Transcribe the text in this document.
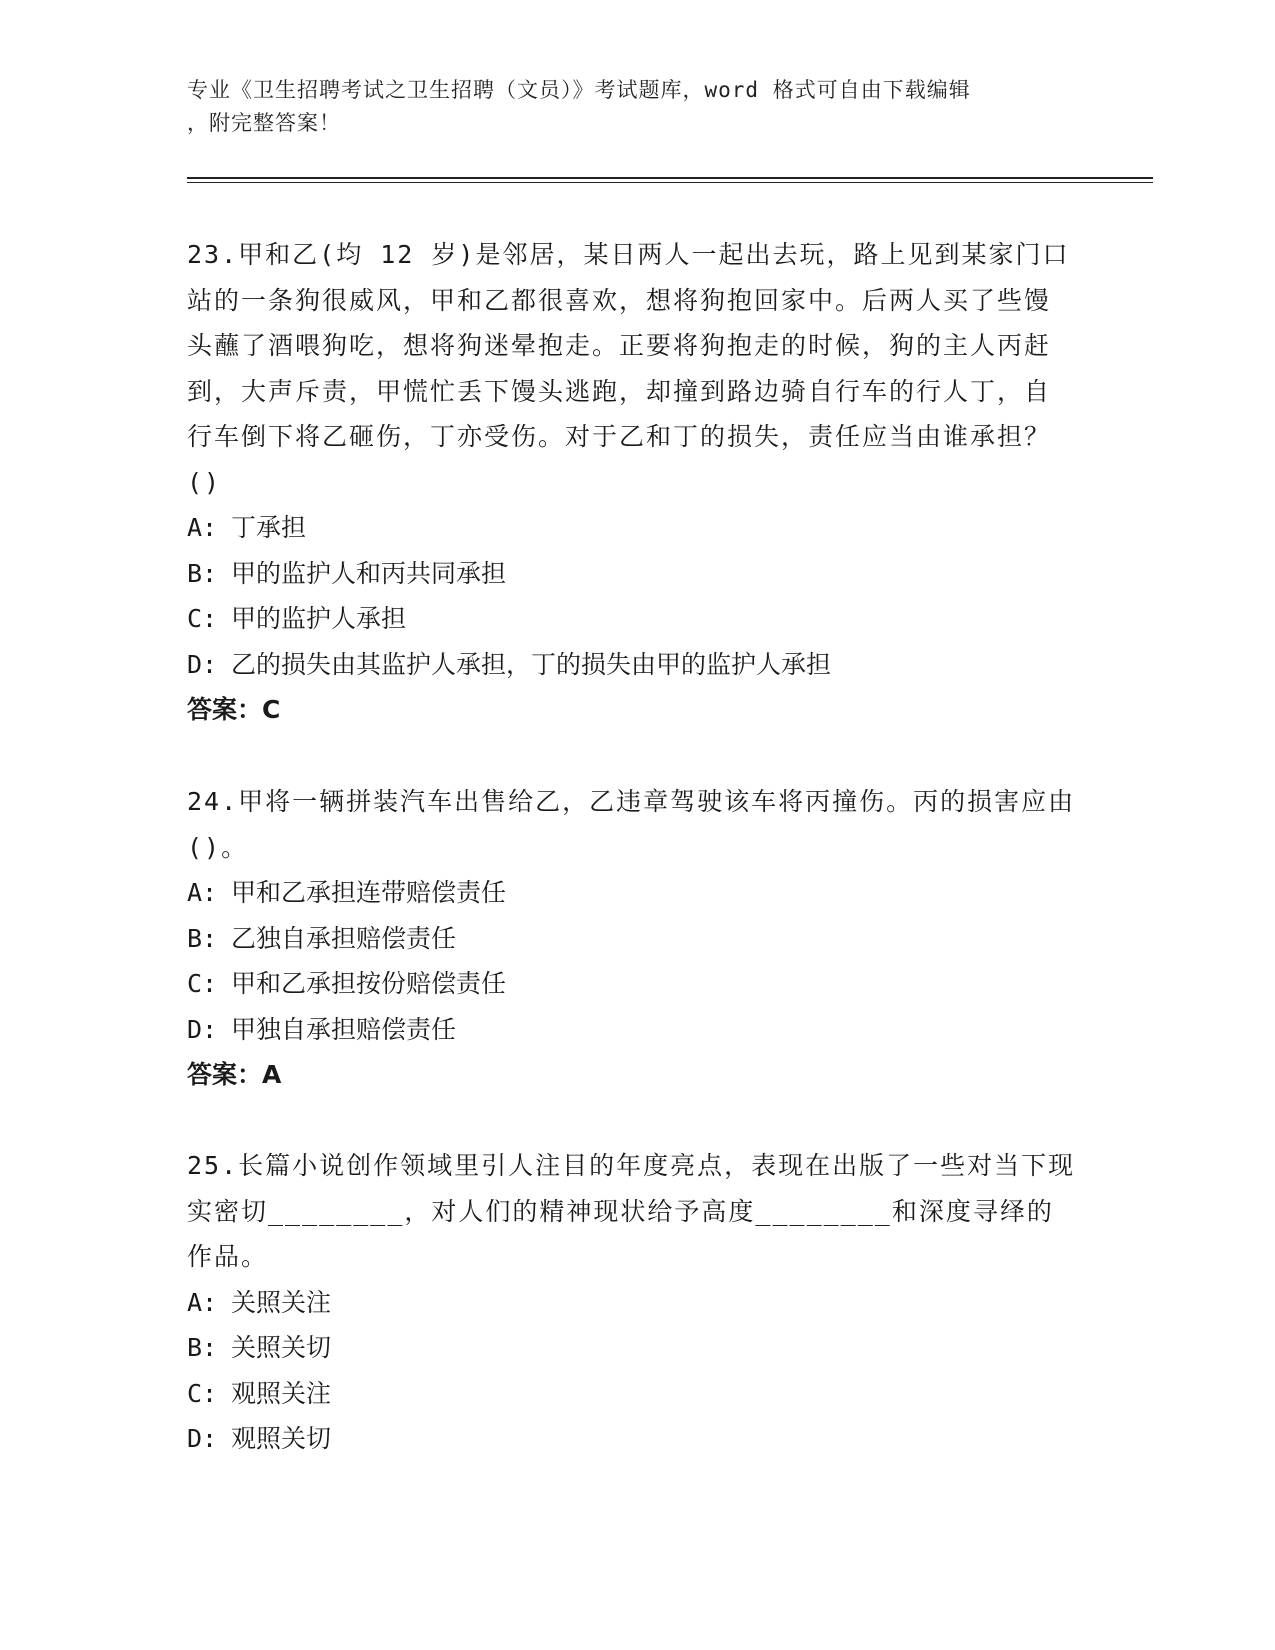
专业《卫生招聘考试之卫生招聘（文员）》考试题库，word 格式可自由下载编辑

，附完整答案！

23.甲和乙(均 12 岁)是邻居，某日两人一起出去玩，路上见到某家门口站的一条狗很威风，甲和乙都很喜欢，想将狗抱回家中。后两人买了些馒头蘸了酒喂狗吃，想将狗迷晕抱走。正要将狗抱走的时候，狗的主人丙赶到，大声斥责，甲慌忙丢下馒头逃跑，却撞到路边骑自行车的行人丁，自行车倒下将乙砸伤，丁亦受伤。对于乙和丁的损失，责任应当由谁承担？()

A: 丁承担

B: 甲的监护人和丙共同承担

C: 甲的监护人承担

D: 乙的损失由其监护人承担，丁的损失由甲的监护人承担

答案：C

24.甲将一辆拼装汽车出售给乙，乙违章驾驶该车将丙撞伤。丙的损害应由()。

A: 甲和乙承担连带赔偿责任

B: 乙独自承担赔偿责任

C: 甲和乙承担按份赔偿责任

D: 甲独自承担赔偿责任

答案：A

25.长篇小说创作领域里引人注目的年度亮点，表现在出版了一些对当下现实密切________，对人们的精神现状给予高度________和深度寻绎的作品。

A: 关照关注

B: 关照关切

C: 观照关注

D: 观照关切
